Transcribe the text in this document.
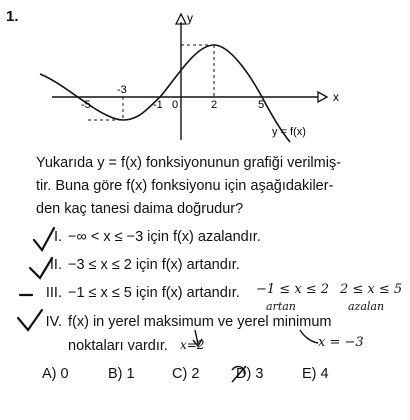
1.	y
x
-5
-3
-1 0	2	5
y = f(x)
Yukarıda y = f(x) fonksiyonunun grafiği verilmiş-
tir. Buna göre f(x) fonksiyonu için aşağıdakiler-
den kaç tanesi daima doğrudur?
I. −∞ < x ≤ −3 için f(x) azalandır.
II. −3 ≤ x ≤ 2 için f(x) artandır.
III. −1 ≤ x ≤ 5 için f(x) artandır.
IV. f(x) in yerel maksimum ve yerel minimum
noktaları vardır.
A) 0	B) 1	C) 2	D) 3	E) 4
−1 ≤ x ≤ 2 2 ≤ x ≤ 5
artan	azalan
x=2	x = −3
